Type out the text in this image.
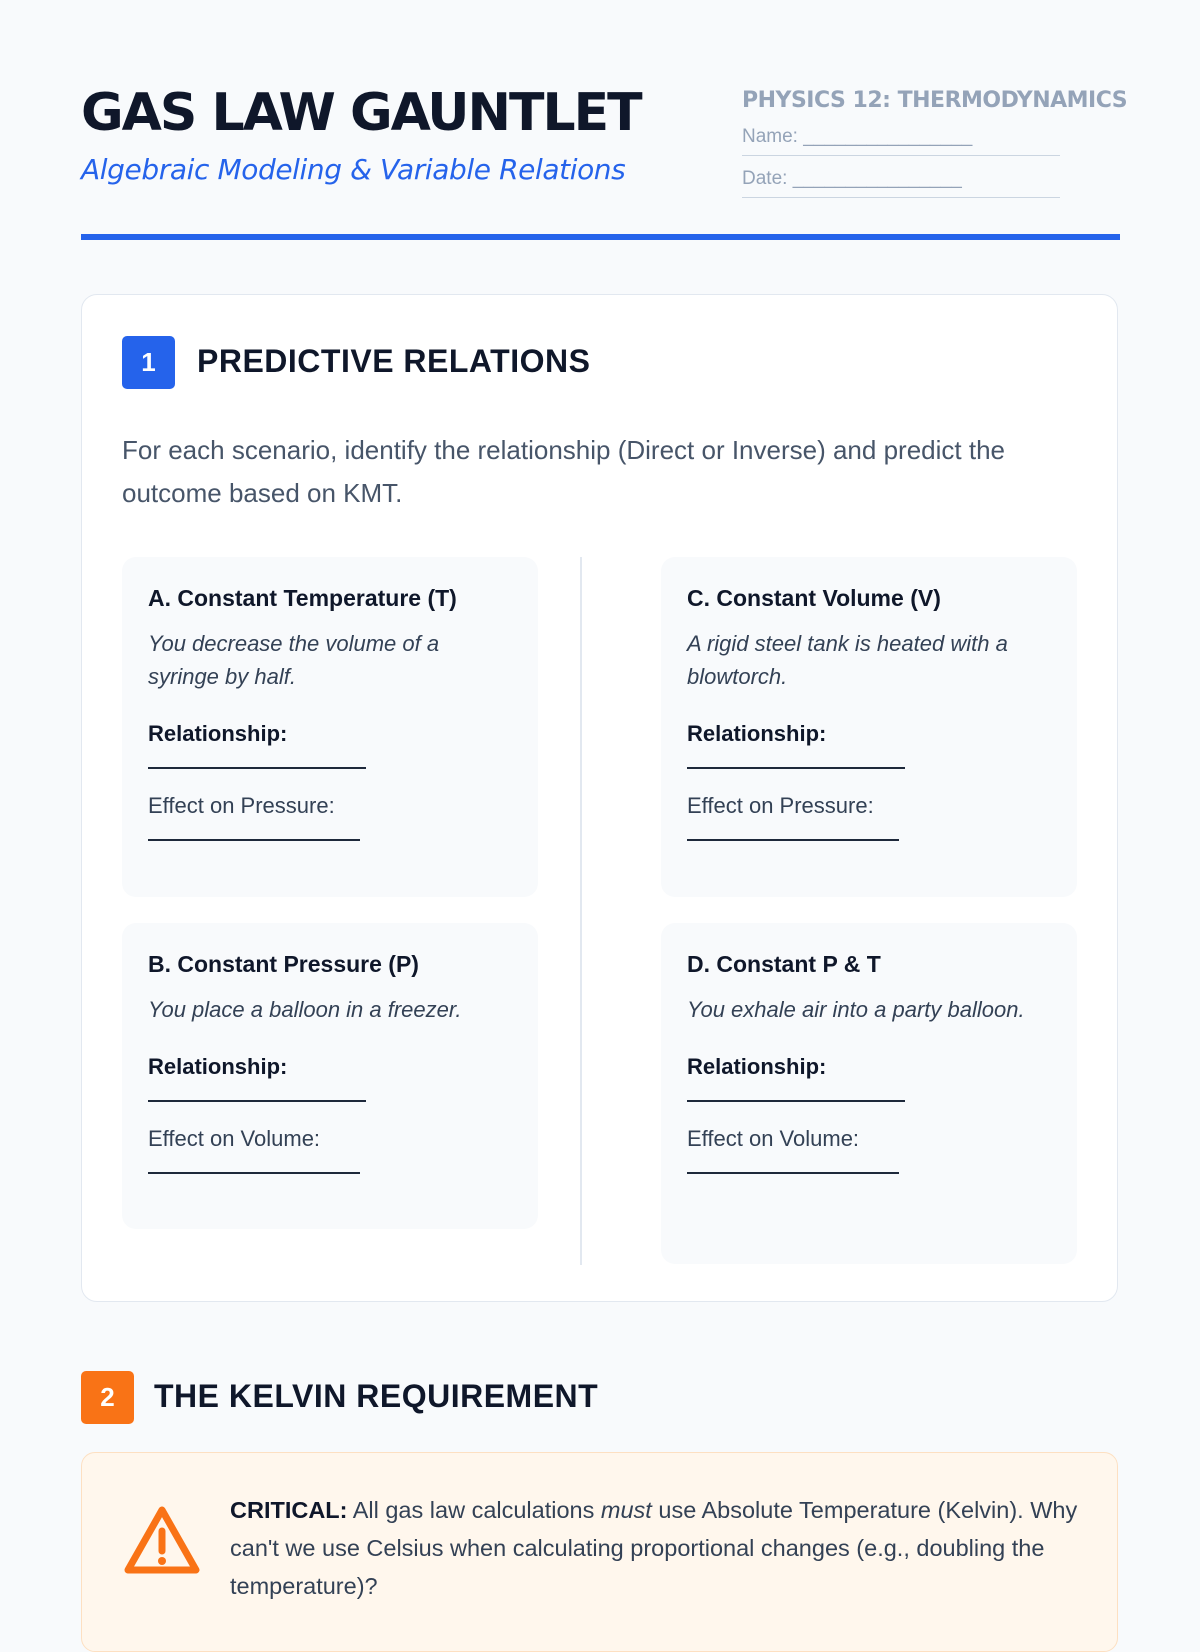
GAS LAW GAUNTLET
Algebraic Modeling & Variable Relations
PHYSICS 12: THERMODYNAMICS
Name: ________________
Date: ________________
1	PREDICTIVE RELATIONS
For each scenario, identify the relationship (Direct or Inverse) and predict the outcome based on KMT.
A. Constant Temperature (T)
You decrease the volume of a syringe by half.
Relationship:
Effect on Pressure:
B. Constant Pressure (P)
You place a balloon in a freezer.
Relationship:
Effect on Volume:
C. Constant Volume (V)
A rigid steel tank is heated with a blowtorch.
Relationship:
Effect on Pressure:
D. Constant P & T
You exhale air into a party balloon.
Relationship:
Effect on Volume:
2	THE KELVIN REQUIREMENT
CRITICAL: All gas law calculations must use Absolute Temperature (Kelvin). Why can't we use Celsius when calculating proportional changes (e.g., doubling the temperature)?
